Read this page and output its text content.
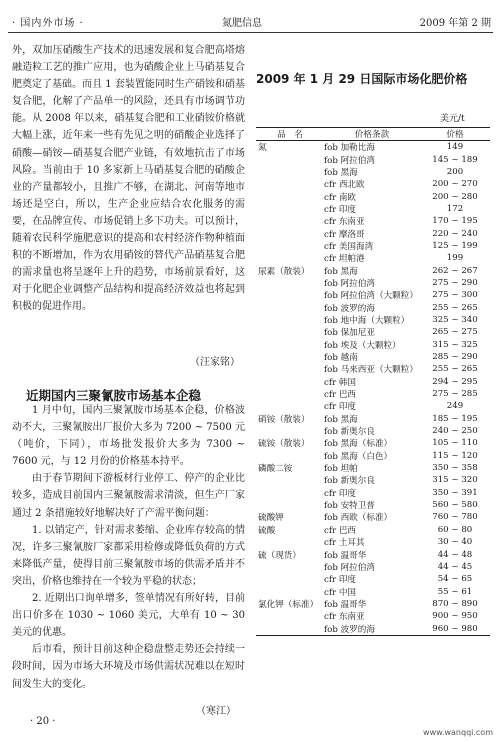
· 国内外市场 ·	氮肥信息	2009 年第 2 期

外，双加压硝酸生产技术的迅速发展和复合肥高塔熔融造粒工艺的推广应用，也为硝酸企业上马硝基复合肥奠定了基础。而且 1 套装置能同时生产硝铵和硝基复合肥，化解了产品单一的风险，还具有市场调节功能。从 2008 年以来，硝基复合肥和工业硝铵价格就大幅上涨，近年来一些有先见之明的硝酸企业选择了硝酸—硝铵—硝基复合肥产业链，有效地抗击了市场风险。当前由于 10 多家新上马硝基复合肥的硝酸企业的产量都较小，且推广不够，在湖北、河南等地市场还是空白，所以，生产企业应结合农化服务的需要，在品牌宣传、市场促销上多下功夫。可以预计，随着农民科学施肥意识的提高和农村经济作物种植面积的不断增加，作为农用硝铵的替代产品硝基复合肥的需求量也将呈逐年上升的趋势，市场前景看好，这对于化肥企业调整产品结构和提高经济效益也将起到积极的促进作用。

（汪家铭）
近期国内三聚氰胺市场基本企稳

1 月中旬，国内三聚氰胺市场基本企稳，价格波动不大，三聚氰胺出厂报价大多为 7200 ~ 7500 元（吨价，下同），市场批发报价大多为 7300 ~ 7600 元，与 12 月份的价格基本持平。

由于春节期间下游板材行业停工、停产的企业比较多，造成目前国内三聚氰胺需求清淡，但生产厂家通过 2 条措施较好地解决好了产需平衡问题：

1. 以销定产，针对需求萎缩、企业库存较高的情况，许多三聚氰胺厂家都采用检修或降低负荷的方式来降低产量，使得目前三聚氰胺市场的供需矛盾并不突出，价格也维持在一个较为平稳的状态；

2. 近期出口询单增多，签单情况有所好转，目前出口价多在 1030 ~ 1060 美元，大单有 10 ~ 30 美元的优惠。

后市看，预计目前这种企稳盘整走势还会持续一段时间，因为市场大环境及市场供需状况难以在短时间发生大的变化。

（寒江）
2009 年 1 月 29 日国际市场化肥价格
美元/t
品　名	价格条款	价格
氮	fob 加勒比海	149
	fob 阿拉伯湾	145 ~ 189
	fob 黑海	200
	cfr 西北欧	200 ~ 270
	cfr 南欧	200 ~ 280
	cfr 印度	172
	cfr 东南亚	170 ~ 195
	cfr 摩洛哥	220 ~ 240
	cfr 美国海湾	125 ~ 199
	cfr 坦帕港	199
尿素（散装）	fob 黑海	262 ~ 267
	fob 阿拉伯湾	275 ~ 290
	fob 阿拉伯湾（大颗粒）	275 ~ 300
	fob 波罗的海	255 ~ 265
	fob 地中海（大颗粒）	325 ~ 340
	fob 保加尼亚	265 ~ 275
	fob 埃及（大颗粒）	315 ~ 325
	fob 越南	285 ~ 290
	fob 马来西亚（大颗粒）	255 ~ 265
	cfr 韩国	294 ~ 295
	cfr 巴西	275 ~ 285
	cfr 印度	249
硝铵（散装）	fob 黑海	185 ~ 195
	fob 新奥尔良	240 ~ 250
硫铵（散装）	fob 黑海（标准）	105 ~ 110
	fob 黑海（白色）	115 ~ 120
磷酸二铵	fob 坦帕	350 ~ 358
	fob 新奥尔良	315 ~ 320
	cfr 印度	350 ~ 391
	fob 安特卫普	560 ~ 580
硫酸钾	fob 西欧（标准）	760 ~ 780
硫酸	cfr 巴西	60 ~ 80
	cfr 土耳其	30 ~ 40
硫（现货）	fob 温哥华	44 ~ 48
	fob 阿拉伯湾	44 ~ 45
	cfr 印度	54 ~ 65
	cfr 中国	55 ~ 61
氯化钾（标准）	fob 温哥华	870 ~ 890
	cfr 东南亚	900 ~ 950
	fob 波罗的海	960 ~ 980
· 20 ·
www.wanqqi.com
